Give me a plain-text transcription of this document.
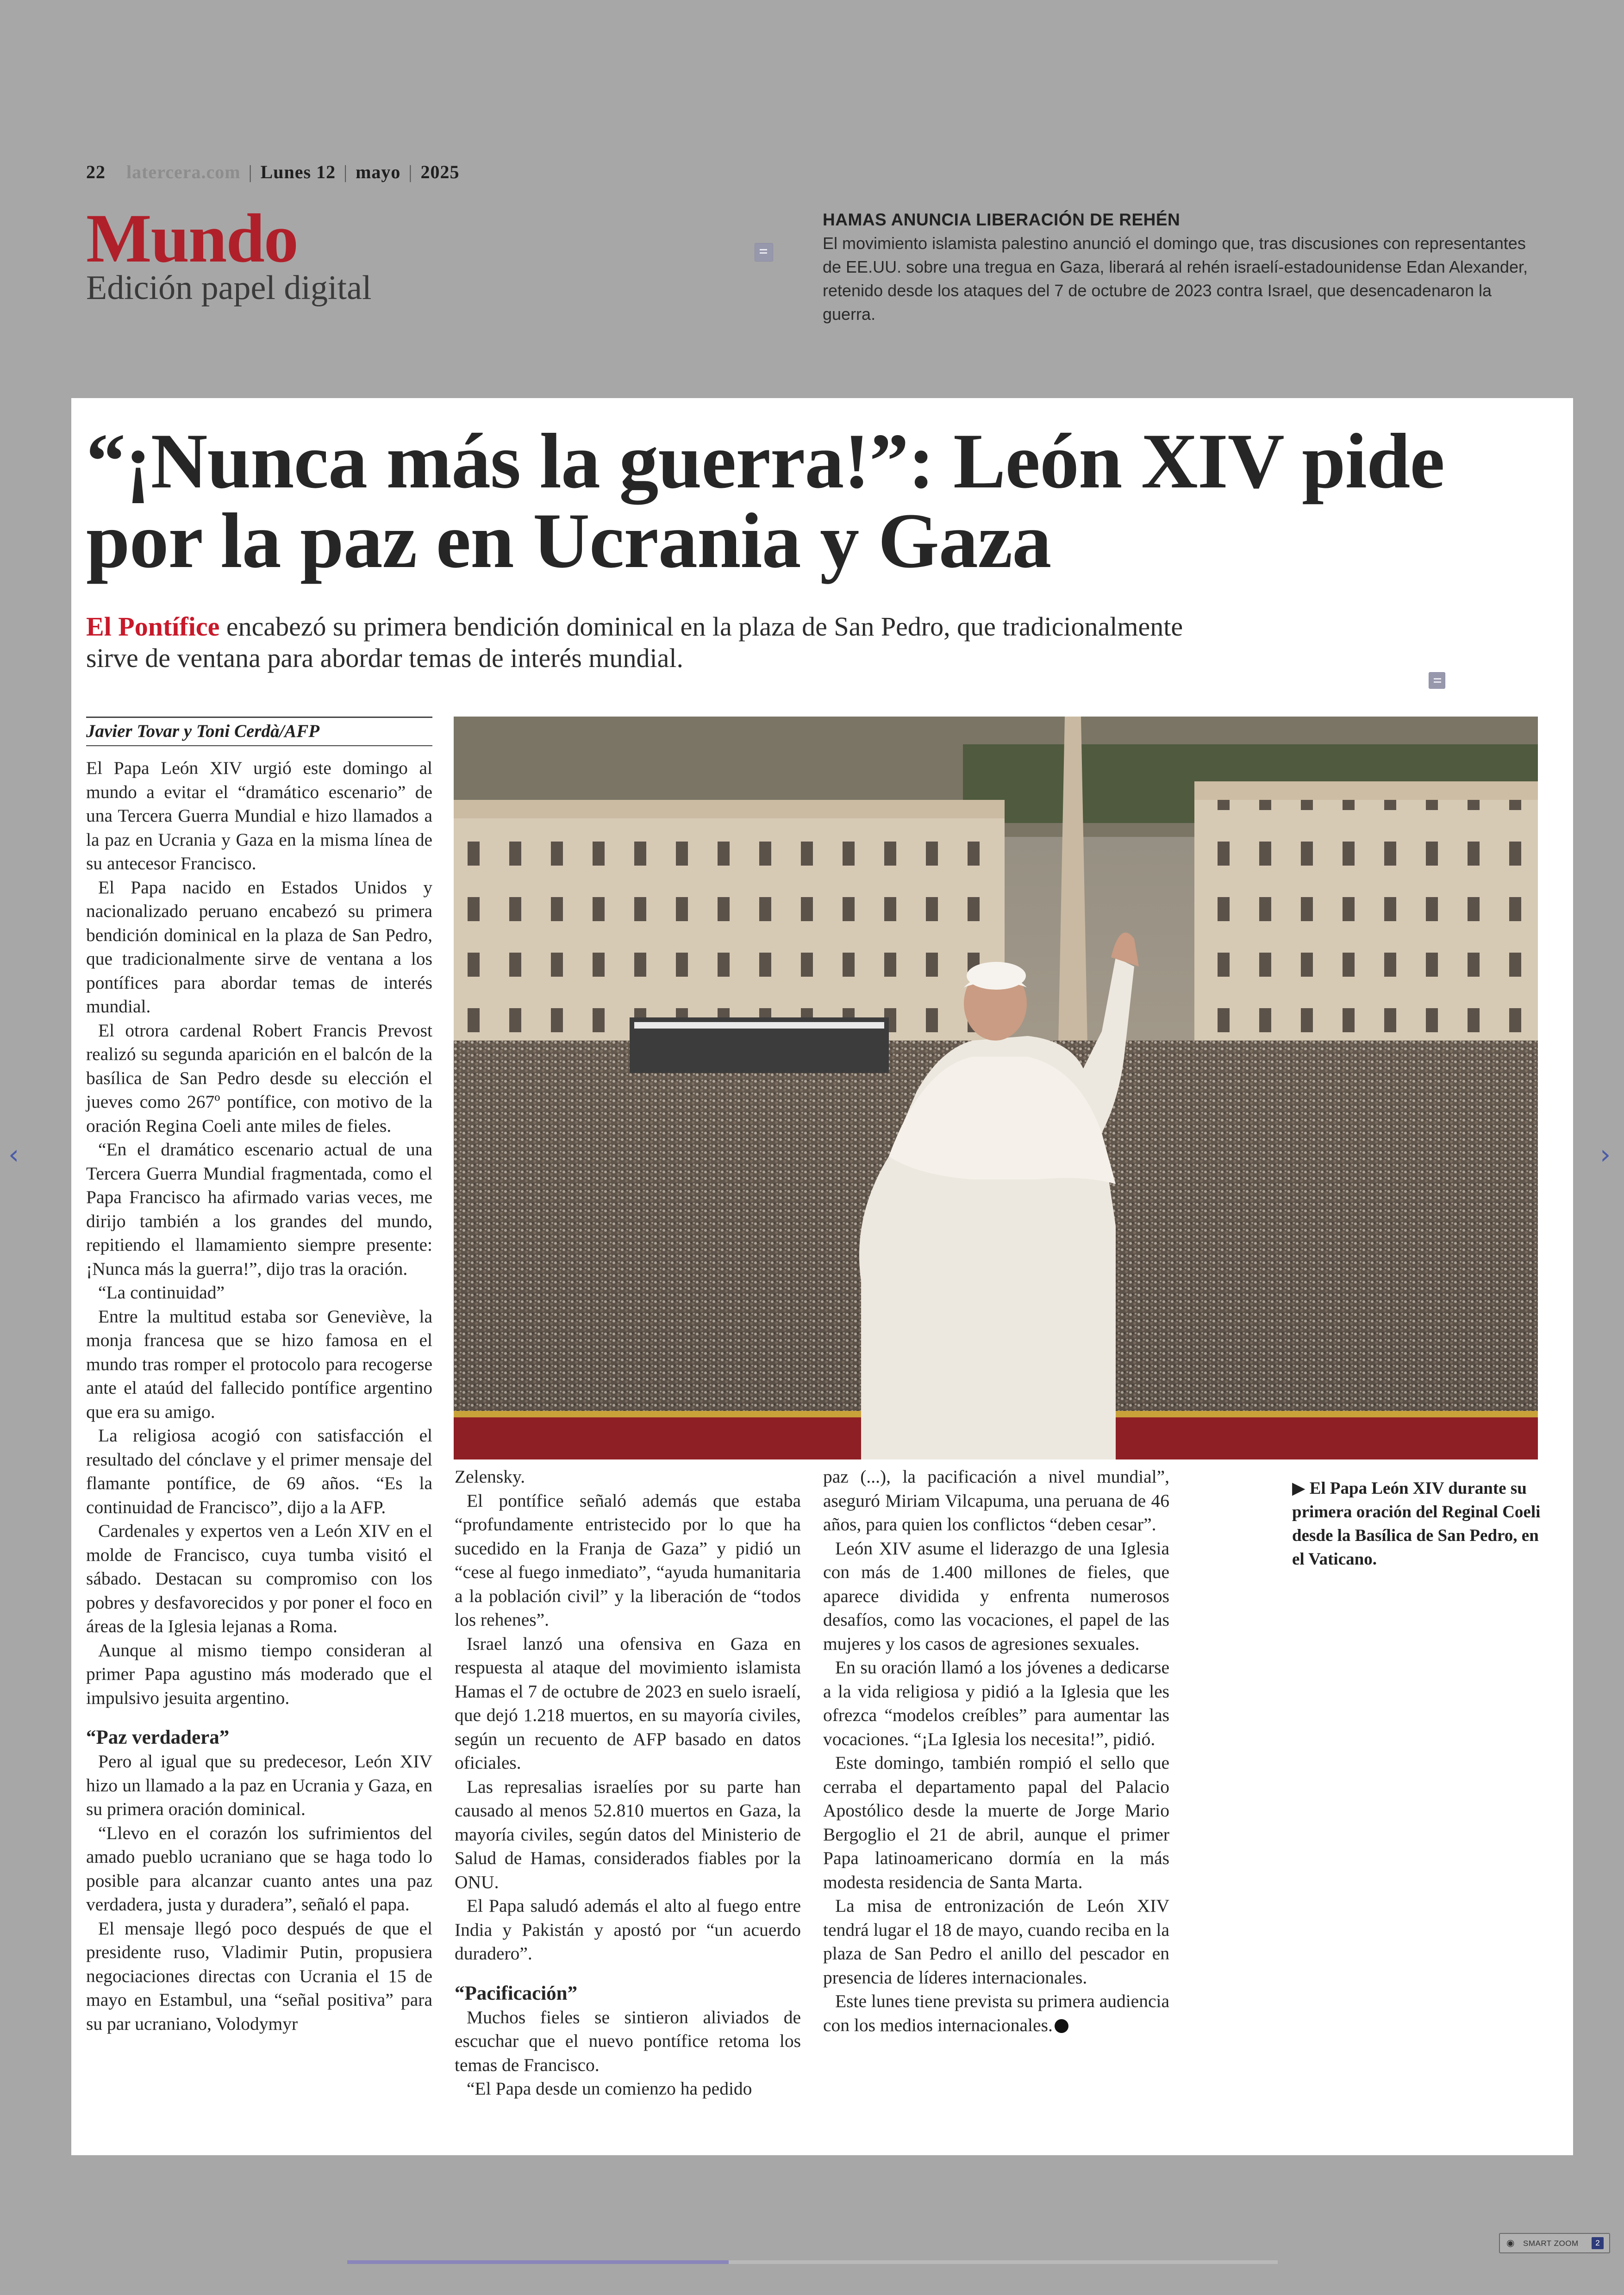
22 latercera.com | Lunes 12 | mayo | 2025
Mundo
Edición papel digital
HAMAS ANUNCIA LIBERACIÓN DE REHÉN
El movimiento islamista palestino anunció el domingo que, tras discusiones con representantes de EE.UU. sobre una tregua en Gaza, liberará al rehén israelí-estadounidense Edan Alexander, retenido desde los ataques del 7 de octubre de 2023 contra Israel, que desencadenaron la guerra.
“¡Nunca más la guerra!”: León XIV pide por la paz en Ucrania y Gaza
El Pontífice encabezó su primera bendición dominical en la plaza de San Pedro, que tradicionalmente sirve de ventana para abordar temas de interés mundial.
Javier Tovar y Toni Cerdà/AFP

El Papa León XIV urgió este domingo al mundo a evitar el “dramático escenario” de una Tercera Guerra Mundial e hizo llamados a la paz en Ucrania y Gaza en la misma línea de su antecesor Francisco.

El Papa nacido en Estados Unidos y nacionalizado peruano encabezó su primera bendición dominical en la plaza de San Pedro, que tradicionalmente sirve de ventana a los pontífices para abordar temas de interés mundial.

El otrora cardenal Robert Francis Prevost realizó su segunda aparición en el balcón de la basílica de San Pedro desde su elección el jueves como 267º pontífice, con motivo de la oración Regina Coeli ante miles de fieles.

“En el dramático escenario actual de una Tercera Guerra Mundial fragmentada, como el Papa Francisco ha afirmado varias veces, me dirijo también a los grandes del mundo, repitiendo el llamamiento siempre presente: ¡Nunca más la guerra!”, dijo tras la oración.

“La continuidad”

Entre la multitud estaba sor Geneviève, la monja francesa que se hizo famosa en el mundo tras romper el protocolo para recogerse ante el ataúd del fallecido pontífice argentino que era su amigo.

La religiosa acogió con satisfacción el resultado del cónclave y el primer mensaje del flamante pontífice, de 69 años. “Es la continuidad de Francisco”, dijo a la AFP.

Cardenales y expertos ven a León XIV en el molde de Francisco, cuya tumba visitó el sábado. Destacan su compromiso con los pobres y desfavorecidos y por poner el foco en áreas de la Iglesia lejanas a Roma.

Aunque al mismo tiempo consideran al primer Papa agustino más moderado que el impulsivo jesuita argentino.

“Paz verdadera”

Pero al igual que su predecesor, León XIV hizo un llamado a la paz en Ucrania y Gaza, en su primera oración dominical.

“Llevo en el corazón los sufrimientos del amado pueblo ucraniano que se haga todo lo posible para alcanzar cuanto antes una paz verdadera, justa y duradera”, señaló el papa.

El mensaje llegó poco después de que el presidente ruso, Vladimir Putin, propusiera negociaciones directas con Ucrania el 15 de mayo en Estambul, una “señal positiva” para su par ucraniano, Volodymyr

Zelensky.

El pontífice señaló además que estaba “profundamente entristecido por lo que ha sucedido en la Franja de Gaza” y pidió un “cese al fuego inmediato”, “ayuda humanitaria a la población civil” y la liberación de “todos los rehenes”.

Israel lanzó una ofensiva en Gaza en respuesta al ataque del movimiento islamista Hamas el 7 de octubre de 2023 en suelo israelí, que dejó 1.218 muertos, en su mayoría civiles, según un recuento de AFP basado en datos oficiales.

Las represalias israelíes por su parte han causado al menos 52.810 muertos en Gaza, la mayoría civiles, según datos del Ministerio de Salud de Hamas, considerados fiables por la ONU.

El Papa saludó además el alto al fuego entre India y Pakistán y apostó por “un acuerdo duradero”.

“Pacificación”

Muchos fieles se sintieron aliviados de escuchar que el nuevo pontífice retoma los temas de Francisco.

“El Papa desde un comienzo ha pedido

paz (...), la pacificación a nivel mundial”, aseguró Miriam Vilcapuma, una peruana de 46 años, para quien los conflictos “deben cesar”.

León XIV asume el liderazgo de una Iglesia con más de 1.400 millones de fieles, que aparece dividida y enfrenta numerosos desafíos, como las vocaciones, el papel de las mujeres y los casos de agresiones sexuales.

En su oración llamó a los jóvenes a dedicarse a la vida religiosa y pidió a la Iglesia que les ofrezca “modelos creíbles” para aumentar las vocaciones. “¡La Iglesia los necesita!”, pidió.

Este domingo, también rompió el sello que cerraba el departamento papal del Palacio Apostólico desde la muerte de Jorge Mario Bergoglio el 21 de abril, aunque el primer Papa latinoamericano dormía en la más modesta residencia de Santa Marta.

La misa de entronización de León XIV tendrá lugar el 18 de mayo, cuando reciba en la plaza de San Pedro el anillo del pescador en presencia de líderes internacionales.

Este lunes tiene prevista su primera audiencia con los medios internacionales.

▶ El Papa León XIV durante su primera oración del Reginal Coeli desde la Basílica de San Pedro, en el Vaticano.
‹	›
◉ SMART ZOOM	2
